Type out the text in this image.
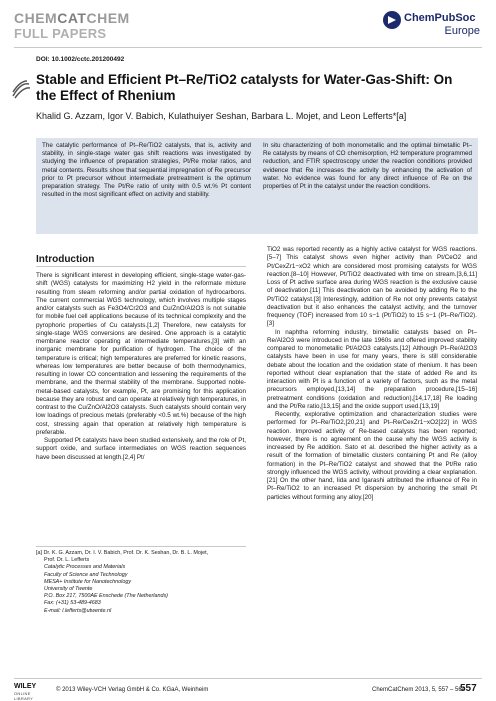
CHEMCATCHEM
FULL PAPERS
ChemPubSoc
Europe
DOI: 10.1002/cctc.201200492
Stable and Efficient Pt–Re/TiO2 catalysts for Water-Gas-Shift: On the Effect of Rhenium
Khalid G. Azzam, Igor V. Babich, Kulathuiyer Seshan, Barbara L. Mojet, and Leon Lefferts*[a]
The catalytic performance of Pt–Re/TiO2 catalysts, that is, activity and stability, in single-stage water gas shift reactions was investigated by studying the influence of preparation strategies, Pt/Re molar ratios, and metal contents. Results show that sequential impregnation of Re precursor prior to Pt precursor without intermediate pretreatment is the optimum preparation strategy. The Pt/Re ratio of unity with 0.5 wt.% Pt content resulted in the most significant effect on activity and stability.
In situ characterizing of both monometallic and the optimal bimetallic Pt–Re catalysts by means of CO chemisorption, H2 temperature programmed reduction, and FTIR spectroscopy under the reaction conditions provided evidence that Re increases the activity by enhancing the activation of water. No evidence was found for any direct influence of Re on the properties of Pt in the catalyst under the reaction conditions.
Introduction

There is significant interest in developing efficient, single-stage water-gas-shift (WGS) catalysts for maximizing H2 yield in the reformate mixture resulting from steam reforming and/or partial oxidation of hydrocarbons. The current commercial WGS technology, which involves multiple stages and/or catalysts such as Fe3O4/Cr2O3 and Cu/ZnO/Al2O3 is not suitable for mobile fuel cell applications because of its technical complexity and the pyrophoric properties of Cu catalysts.[1,2] Therefore, new catalysts for single-stage WGS conversions are desired. One approach is a catalytic membrane reactor operating at intermediate temperatures,[3] with an inorganic membrane for purification of hydrogen. The choice of the temperature is critical; high temperatures are preferred for kinetic reasons, whereas low temperatures are better because of both thermodynamics, resulting in lower CO concentration and lessening the requirements of the membrane, and the thermal stability of the membrane. Supported noble-metal-based catalysts, for example, Pt, are promising for this application because they are robust and can operate at relatively high temperatures, in contrast to the Cu/ZnO/Al2O3 catalysts. Such catalysts should contain very low loadings of precious metals (preferably <0.5 wt.%) because of the high cost, stressing again that operation at relatively high temperature is preferable.

Supported Pt catalysts have been studied extensively, and the role of Pt, support oxide, and surface intermediates on WGS reaction sequences have been discussed at length.[2,4] Pt/

TiO2 was reported recently as a highly active catalyst for WGS reactions.[5–7] This catalyst shows even higher activity than Pt/CeO2 and Pt/CexZr1−xO2 which are considered most promising catalysts for WGS reaction.[8–10] However, Pt/TiO2 deactivated with time on stream.[3,6,11] Loss of Pt active surface area during WGS reaction is the exclusive cause of deactivation.[11] This deactivation can be avoided by adding Re to the Pt/TiO2 catalyst.[3] Interestingly, addition of Re not only prevents catalyst deactivation but it also enhances the catalyst activity, and the turnover frequency (TOF) increased from 10 s−1 (Pt/TiO2) to 15 s−1 (Pt–Re/TiO2).[3]

In naphtha reforming industry, bimetallic catalysts based on Pt–Re/Al2O3 were introduced in the late 1960s and offered improved stability compared to monometallic Pt/Al2O3 catalysts.[12] Although Pt–Re/Al2O3 catalysts have been in use for many years, there is still considerable debate about the location and the oxidation state of rhenium. It has been reported without clear explanation that the state of added Re and its interaction with Pt is a function of a variety of factors, such as the metal precursors employed,[13,14] the preparation procedure,[15–16] pretreatment conditions (oxidation and reduction),[14,17,18] Re loading and the Pt/Re ratio,[13,15] and the oxide support used.[13,19]

Recently, explorative optimization and characterization studies were performed for Pt–Re/TiO2,[20,21] and Pt–Re/CexZr1−xO2[22] in WGS reaction. Improved activity of Re-based catalysts has been reported; however, there is no agreement on the cause why the WGS activity is increased by Re addition. Sato et al. described the higher activity as a result of the formation of bimetallic clusters containing Pt and Re (alloy formation) in the Pt–Re/TiO2 catalyst and showed that the Pt/Re ratio strongly influenced the WGS activity, without providing a clear explanation.[21] On the other hand, Iida and Igarashi attributed the influence of Re in Pt–Re/TiO2 to an increased Pt dispersion by anchoring the small Pt particles without forming any alloy.[20]

[a] Dr. K. G. Azzam, Dr. I. V. Babich, Prof. Dr. K. Seshan, Dr. B. L. Mojet,
Prof. Dr. L. Lefferts
Catalytic Processes and Materials
Faculty of Science and Technology
MESA+ Institute for Nanotechnology
University of Twente
P.O. Box 217, 7500AE Enschede (The Netherlands)
Fax: (+31) 53-489-4683
E-mail: l.lefferts@utwente.nl
WILEY
ONLINE LIBRARY
© 2013 Wiley-VCH Verlag GmbH & Co. KGaA, Weinheim	ChemCatChem 2013, 5, 557 – 564
557
